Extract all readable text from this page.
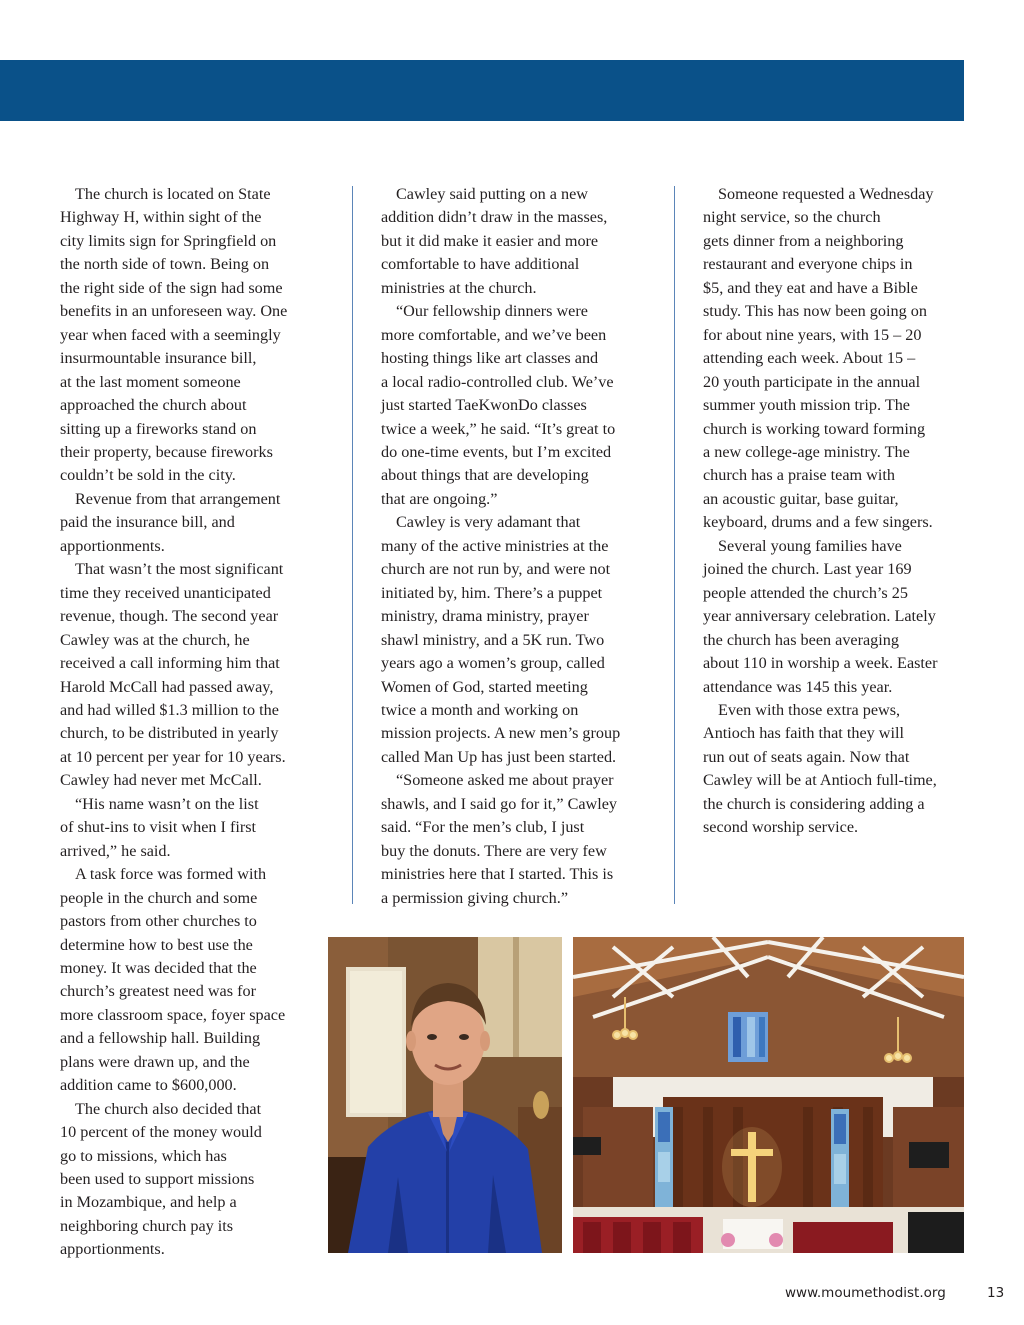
The church is located on State
Highway H, within sight of the
city limits sign for Springfield on
the north side of town. Being on
the right side of the sign had some
benefits in an unforeseen way. One
year when faced with a seemingly
insurmountable insurance bill,
at the last moment someone
approached the church about
sitting up a fireworks stand on
their property, because fireworks
couldn’t be sold in the city.
Revenue from that arrangement
paid the insurance bill, and
apportionments.
That wasn’t the most significant
time they received unanticipated
revenue, though. The second year
Cawley was at the church, he
received a call informing him that
Harold McCall had passed away,
and had willed $1.3 million to the
church, to be distributed in yearly
at 10 percent per year for 10 years.
Cawley had never met McCall.
“His name wasn’t on the list
of shut-ins to visit when I first
arrived,” he said.
A task force was formed with
people in the church and some
pastors from other churches to
determine how to best use the
money. It was decided that the
church’s greatest need was for
more classroom space, foyer space
and a fellowship hall. Building
plans were drawn up, and the
addition came to $600,000.
The church also decided that
10 percent of the money would
go to missions, which has
been used to support missions
in Mozambique, and help a
neighboring church pay its
apportionments.
Cawley said putting on a new
addition didn’t draw in the masses,
but it did make it easier and more
comfortable to have additional
ministries at the church.
“Our fellowship dinners were
more comfortable, and we’ve been
hosting things like art classes and
a local radio-controlled club. We’ve
just started TaeKwonDo classes
twice a week,” he said. “It’s great to
do one-time events, but I’m excited
about things that are developing
that are ongoing.”
Cawley is very adamant that
many of the active ministries at the
church are not run by, and were not
initiated by, him. There’s a puppet
ministry, drama ministry, prayer
shawl ministry, and a 5K run. Two
years ago a women’s group, called
Women of God, started meeting
twice a month and working on
mission projects. A new men’s group
called Man Up has just been started.
“Someone asked me about prayer
shawls, and I said go for it,” Cawley
said. “For the men’s club, I just
buy the donuts. There are very few
ministries here that I started. This is
a permission giving church.”
Someone requested a Wednesday
night service, so the church
gets dinner from a neighboring
restaurant and everyone chips in
$5, and they eat and have a Bible
study. This has now been going on
for about nine years, with 15 – 20
attending each week. About 15 –
20 youth participate in the annual
summer youth mission trip. The
church is working toward forming
a new college-age ministry. The
church has a praise team with
an acoustic guitar, base guitar,
keyboard, drums and a few singers.
Several young families have
joined the church. Last year 169
people attended the church’s 25
year anniversary celebration. Lately
the church has been averaging
about 110 in worship a week. Easter
attendance was 145 this year.
Even with those extra pews,
Antioch has faith that they will
run out of seats again. Now that
Cawley will be at Antioch full-time,
the church is considering adding a
second worship service.
www.moumethodist.org	13
